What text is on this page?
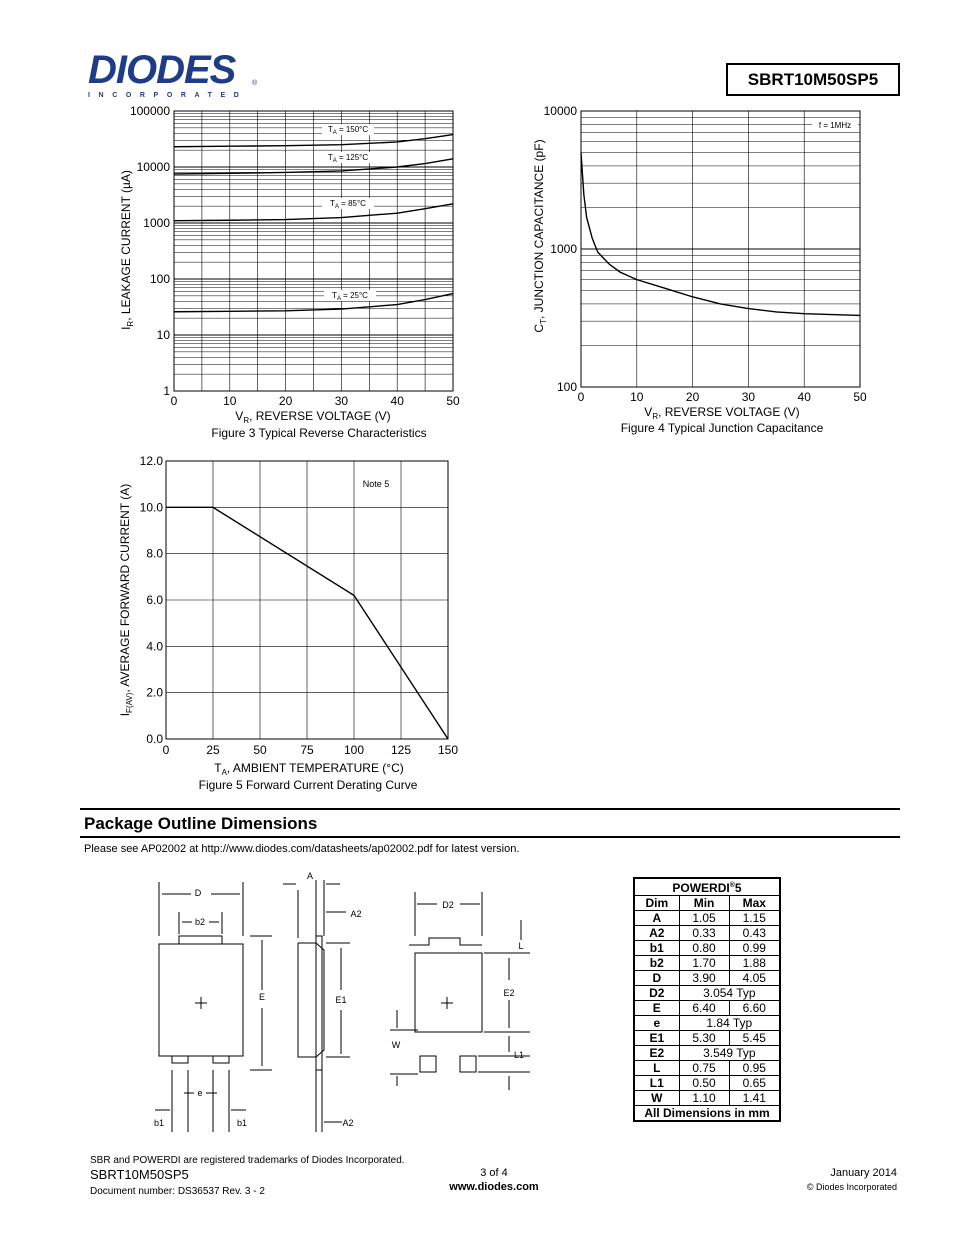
DIODES
INCORPORATED
®	SBRT10M50SP5
0	10	20	30	40	50
1
10
100
1000
10000
100000
$T_A = 150^\circ C$
$T_A = 125^\circ C$
$T_A = 85^\circ C$
$T_A = 25^\circ C$
$V_R$, REVERSE VOLTAGE (V)
$I_R$, LEAKAGE CURRENT (µA)
Figure 3 Typical Reverse Characteristics
0	10	20	30	40	50
100
1000
10000
f = 1MHz
$V_R$, REVERSE VOLTAGE (V)
$C_T$, JUNCTION CAPACITANCE (pF)
Figure 4 Typical Junction Capacitance
0	25	50	75	100 125 150
0.0
2.0
4.0
6.0
8.0
10.0
12.0
Note 5
$T_A$, AMBIENT TEMPERATURE (°C)
$I_{F(AV)}$, AVERAGE FORWARD CURRENT (A)
Figure 5 Forward Current Derating Curve
Package Outline Dimensions
Please see AP02002 at http://www.diodes.com/datasheets/ap02002.pdf for latest version.
D
b2
E
e
b1	b1
A
A2
E1
A2
D2
L
E2
W
L1
POWERDI®5		
Dim	Min	Max
A	1.05	1.15
A2	0.33	0.43
b1	0.80	0.99
b2	1.70	1.88
D	3.90	4.05
D2	3.054 Typ	
E	6.40	6.60
e	1.84 Typ	
E1	5.30	5.45
E2	3.549 Typ	
L	0.75	0.95
L1	0.50	0.65
W	1.10	1.41
All Dimensions in mm		
SBR and POWERDI are registered trademarks of Diodes Incorporated.
SBRT10M50SP5
Document number: DS36537 Rev. 3 - 2
3 of 4
www.diodes.com
January 2014
© Diodes Incorporated
